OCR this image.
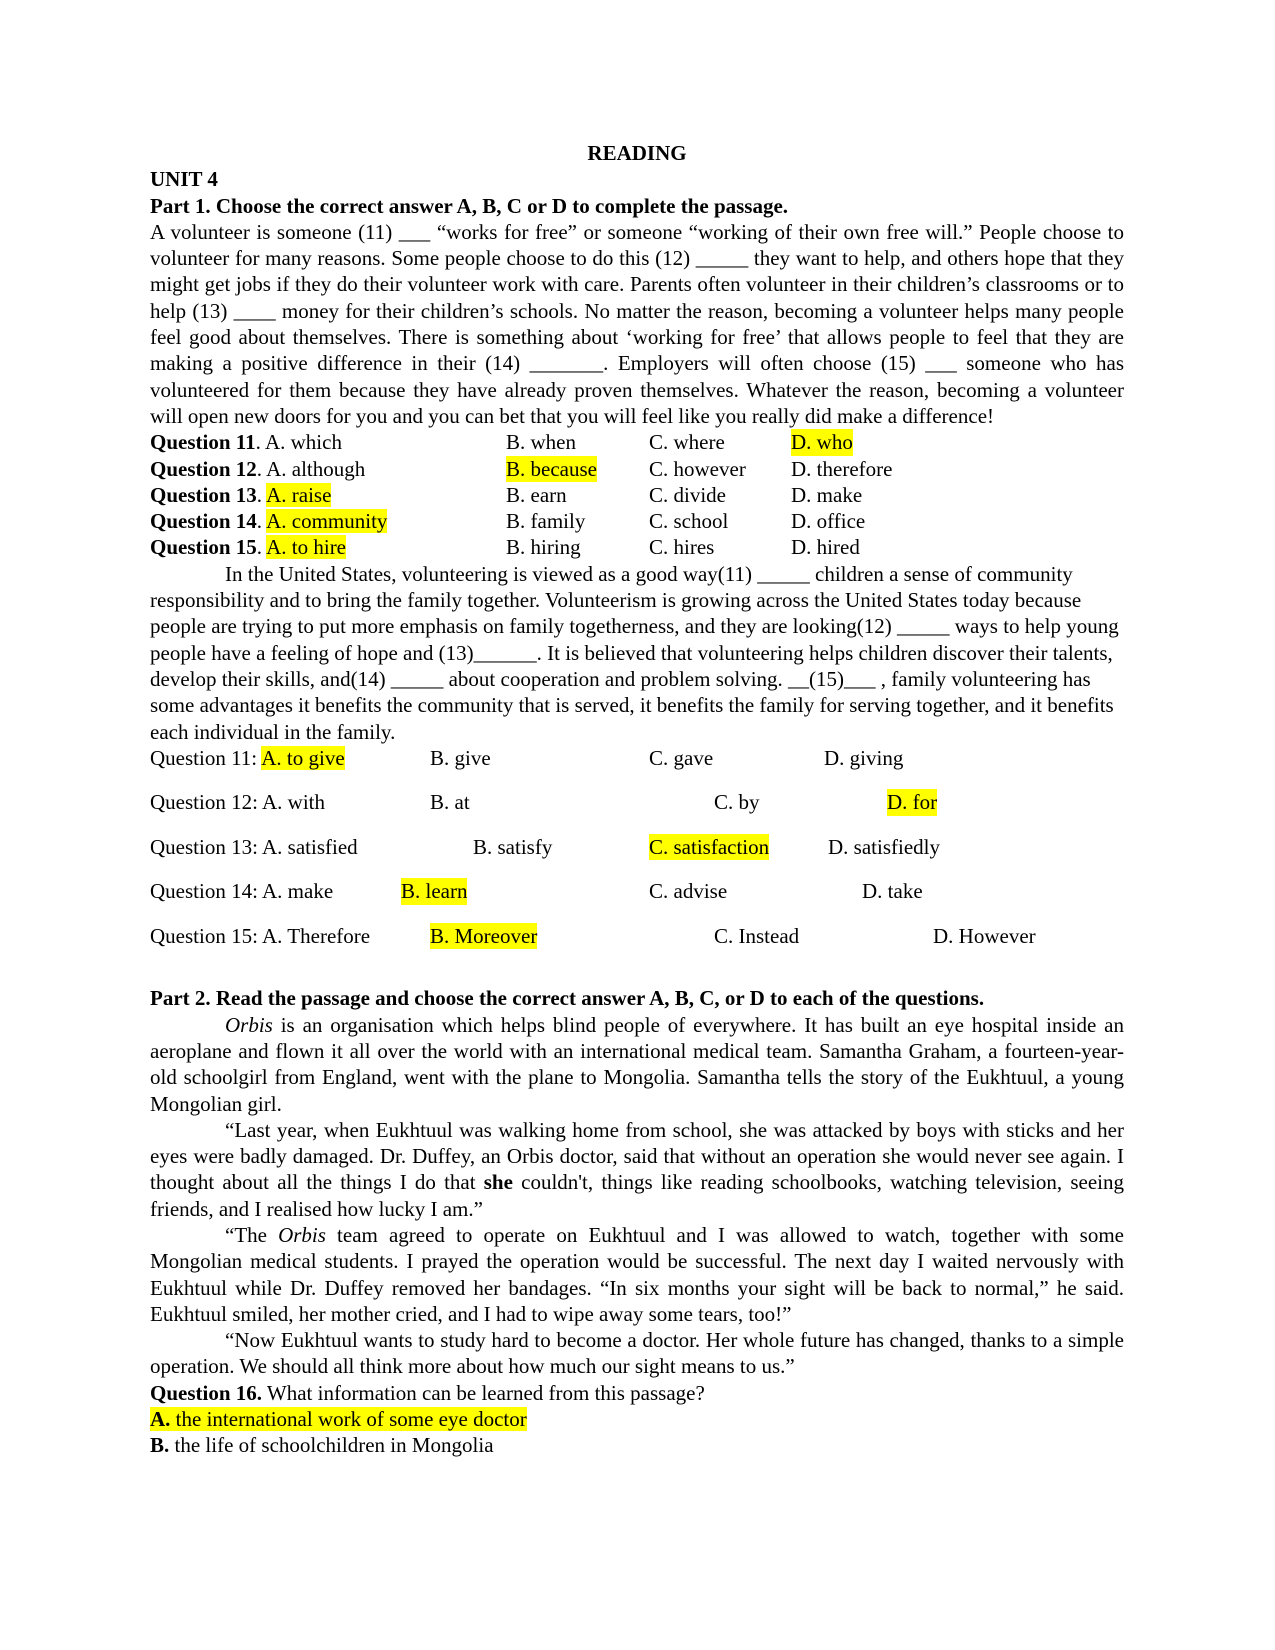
READING

UNIT 4

Part 1. Choose the correct answer A, B, C or D to complete the passage.

A volunteer is someone (11) ___ “works for free” or someone “working of their own free will.” People choose to volunteer for many reasons. Some people choose to do this (12) _____ they want to help, and others hope that they might get jobs if they do their volunteer work with care. Parents often volunteer in their children’s classrooms or to help (13) ____ money for their children’s schools. No matter the reason, becoming a volunteer helps many people feel good about themselves. There is something about ‘working for free’ that allows people to feel that they are making a positive difference in their (14) _______. Employers will often choose (15) ___ someone who has volunteered for them because they have already proven themselves. Whatever the reason, becoming a volunteer will open new doors for you and you can bet that you will feel like you really did make a difference!

Question 11. A. which	B. when	C. where	D. who
Question 12. A. although	B. because C. however D. therefore
Question 13. A. raise	B. earn	C. divide	D. make
Question 14. A. community	B. family	C. school	D. office
Question 15. A. to hire	B. hiring	C. hires	D. hired

In the United States, volunteering is viewed as a good way(11) _____ children a sense of community responsibility and to bring the family together. Volunteerism is growing across the United States today because people are trying to put more emphasis on family togetherness, and they are looking(12) _____ ways to help young people have a feeling of hope and (13)______. It is believed that volunteering helps children discover their talents, develop their skills, and(14) _____ about cooperation and problem solving. __(15)___ , family volunteering has some advantages it benefits the community that is served, it benefits the family for serving together, and it benefits each individual in the family.

Question 11: A. to give	B. give	C. gave	D. giving
Question 12: A. with	B. at	C. by	D. for
Question 13: A. satisfied	B. satisfy	C. satisfaction	D. satisfiedly
Question 14: A. make	B. learn	C. advise	D. take
Question 15: A. Therefore	B. Moreover	C. Instead	D. However

Part 2. Read the passage and choose the correct answer A, B, C, or D to each of the questions.

Orbis is an organisation which helps blind people of everywhere. It has built an eye hospital inside an aeroplane and flown it all over the world with an international medical team. Samantha Graham, a fourteen-year-old schoolgirl from England, went with the plane to Mongolia. Samantha tells the story of the Eukhtuul, a young Mongolian girl.

“Last year, when Eukhtuul was walking home from school, she was attacked by boys with sticks and her eyes were badly damaged. Dr. Duffey, an Orbis doctor, said that without an operation she would never see again. I thought about all the things I do that she couldn't, things like reading schoolbooks, watching television, seeing friends, and I realised how lucky I am.”

“The Orbis team agreed to operate on Eukhtuul and I was allowed to watch, together with some Mongolian medical students. I prayed the operation would be successful. The next day I waited nervously with Eukhtuul while Dr. Duffey removed her bandages. “In six months your sight will be back to normal,” he said. Eukhtuul smiled, her mother cried, and I had to wipe away some tears, too!”

“Now Eukhtuul wants to study hard to become a doctor. Her whole future has changed, thanks to a simple operation. We should all think more about how much our sight means to us.”

Question 16. What information can be learned from this passage?

A. the international work of some eye doctor

B. the life of schoolchildren in Mongolia
